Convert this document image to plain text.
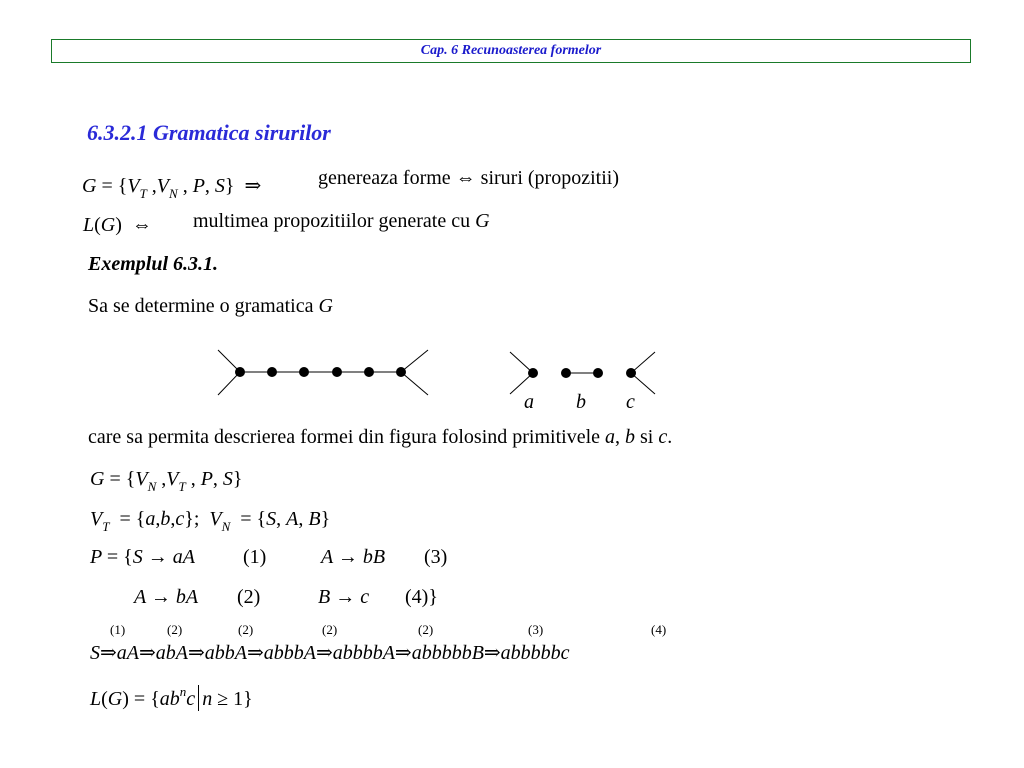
Cap. 6 Recunoasterea formelor
6.3.2.1 Gramatica sirurilor
$G = \{V_T$ $,V_N$ , P, S}  ⇒	genereaza forme ⇔ siruri (propozitii)
L(G)  ⇔ multimea propozitiilor generate cu G
Exemplul 6.3.1.
Sa se determine o gramatica G
a b c
care sa permita descrierea formei din figura folosind primitivele a, b si c.
$G = \{V_N$ $,V_T$ , P, S}
$V_T = \{a,b,c\}$;  $V_N = \{S$, A, B}
P = {S → aA (1)	A → bB (3)
A → bA (2)	B → c (4)}
(1)	(2)	(2)	(2)	(2)	(3)	(4)
S⇒aA⇒abA⇒abbA⇒abbbA⇒abbbbA⇒abbbbbB⇒abbbbbc
$L(G) = \{ab^nc$ n ≥ 1}
